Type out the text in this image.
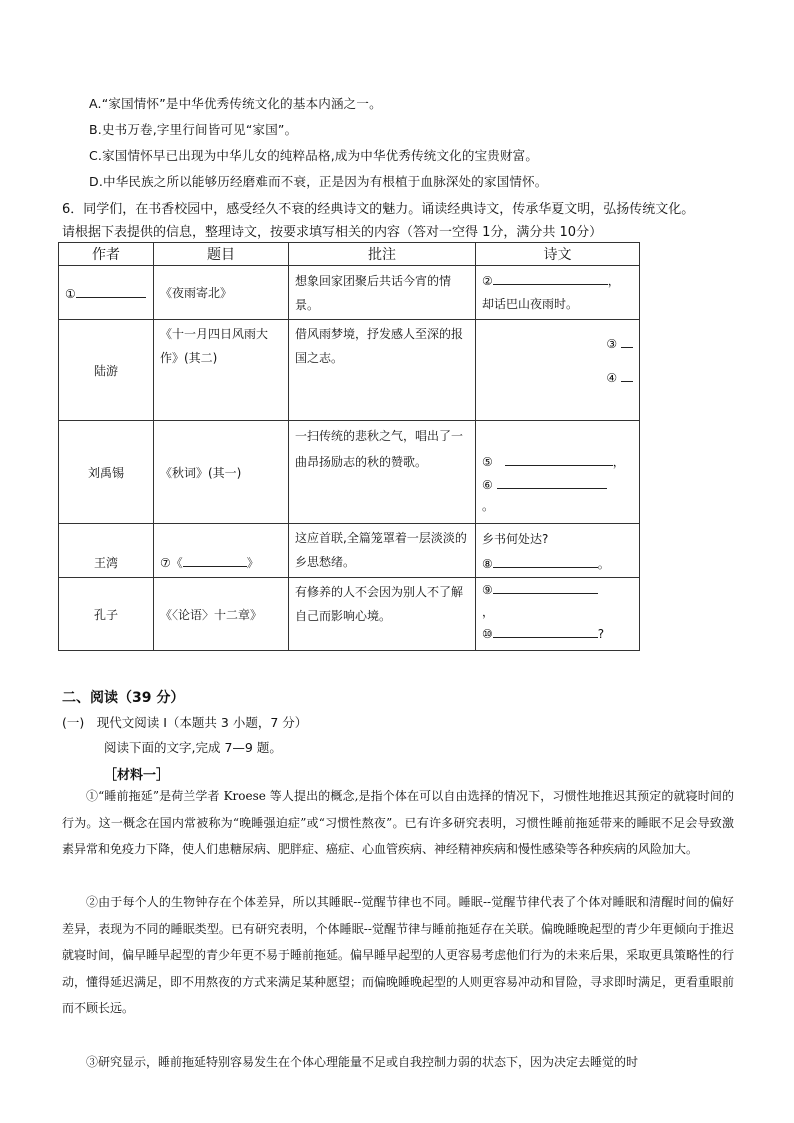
A.“家国情怀”是中华优秀传统文化的基本内涵之一。
B.史书万卷,字里行间皆可见“家国”。
C.家国情怀早已出现为中华儿女的纯粹品格,成为中华优秀传统文化的宝贵财富。
D.中华民族之所以能够历经磨难而不衰，正是因为有根植于血脉深处的家国情怀。
6．同学们，在书香校园中，感受经久不衰的经典诗文的魅力。诵读经典诗文，传承华夏文明，弘扬传统文化。
请根据下表提供的信息，整理诗文，按要求填写相关的内容（答对一空得 1分，满分共 10分）
作者	题目	批注	诗文
①	《夜雨寄北》	想象回家团聚后共话今宵的情景。	② ，
却话巴山夜雨时。

陆游	《十一月四日风雨大作》(其二)	借风雨梦境，抒发感人至深的报国之志。	③
④

刘禹锡	《秋词》(其一)	一扫传统的悲秋之气，唱出了一曲昂扬励志的秋的赞歌。	⑤　 ，
⑥
。

王湾	⑦《 》	这应首联,全篇笼罩着一层淡淡的乡思愁绪。	乡书何处达?
⑧ 。

孔子	《〈论语〉十二章》	有修养的人不会因为别人不了解自己而影响心境。	⑨
，
⑩ ?
二、阅读（39 分）
(一)　现代文阅读 I（本题共 3 小题，7 分）
阅读下面的文字,完成 7—9 题。
［材料一］
①“睡前拖延”是荷兰学者 Kroese 等人提出的概念,是指个体在可以自由选择的情况下，习惯性地推迟其预定的就寝时间的行为。这一概念在国内常被称为“晚睡强迫症”或“习惯性熬夜”。已有许多研究表明，习惯性睡前拖延带来的睡眠不足会导致激素异常和免疫力下降，使人们患糖尿病、肥胖症、癌症、心血管疾病、神经精神疾病和慢性感染等各种疾病的风险加大。
②由于每个人的生物钟存在个体差异，所以其睡眠--觉醒节律也不同。睡眠--觉醒节律代表了个体对睡眠和清醒时间的偏好差异，表现为不同的睡眠类型。已有研究表明，个体睡眠--觉醒节律与睡前拖延存在关联。偏晚睡晚起型的青少年更倾向于推迟就寝时间，偏早睡早起型的青少年更不易于睡前拖延。偏早睡早起型的人更容易考虑他们行为的未来后果，采取更具策略性的行动，懂得延迟满足，即不用熬夜的方式来满足某种愿望；而偏晚睡晚起型的人则更容易冲动和冒险，寻求即时满足，更看重眼前而不顾长远。
③研究显示，睡前拖延特别容易发生在个体心理能量不足或自我控制力弱的状态下，因为决定去睡觉的时
